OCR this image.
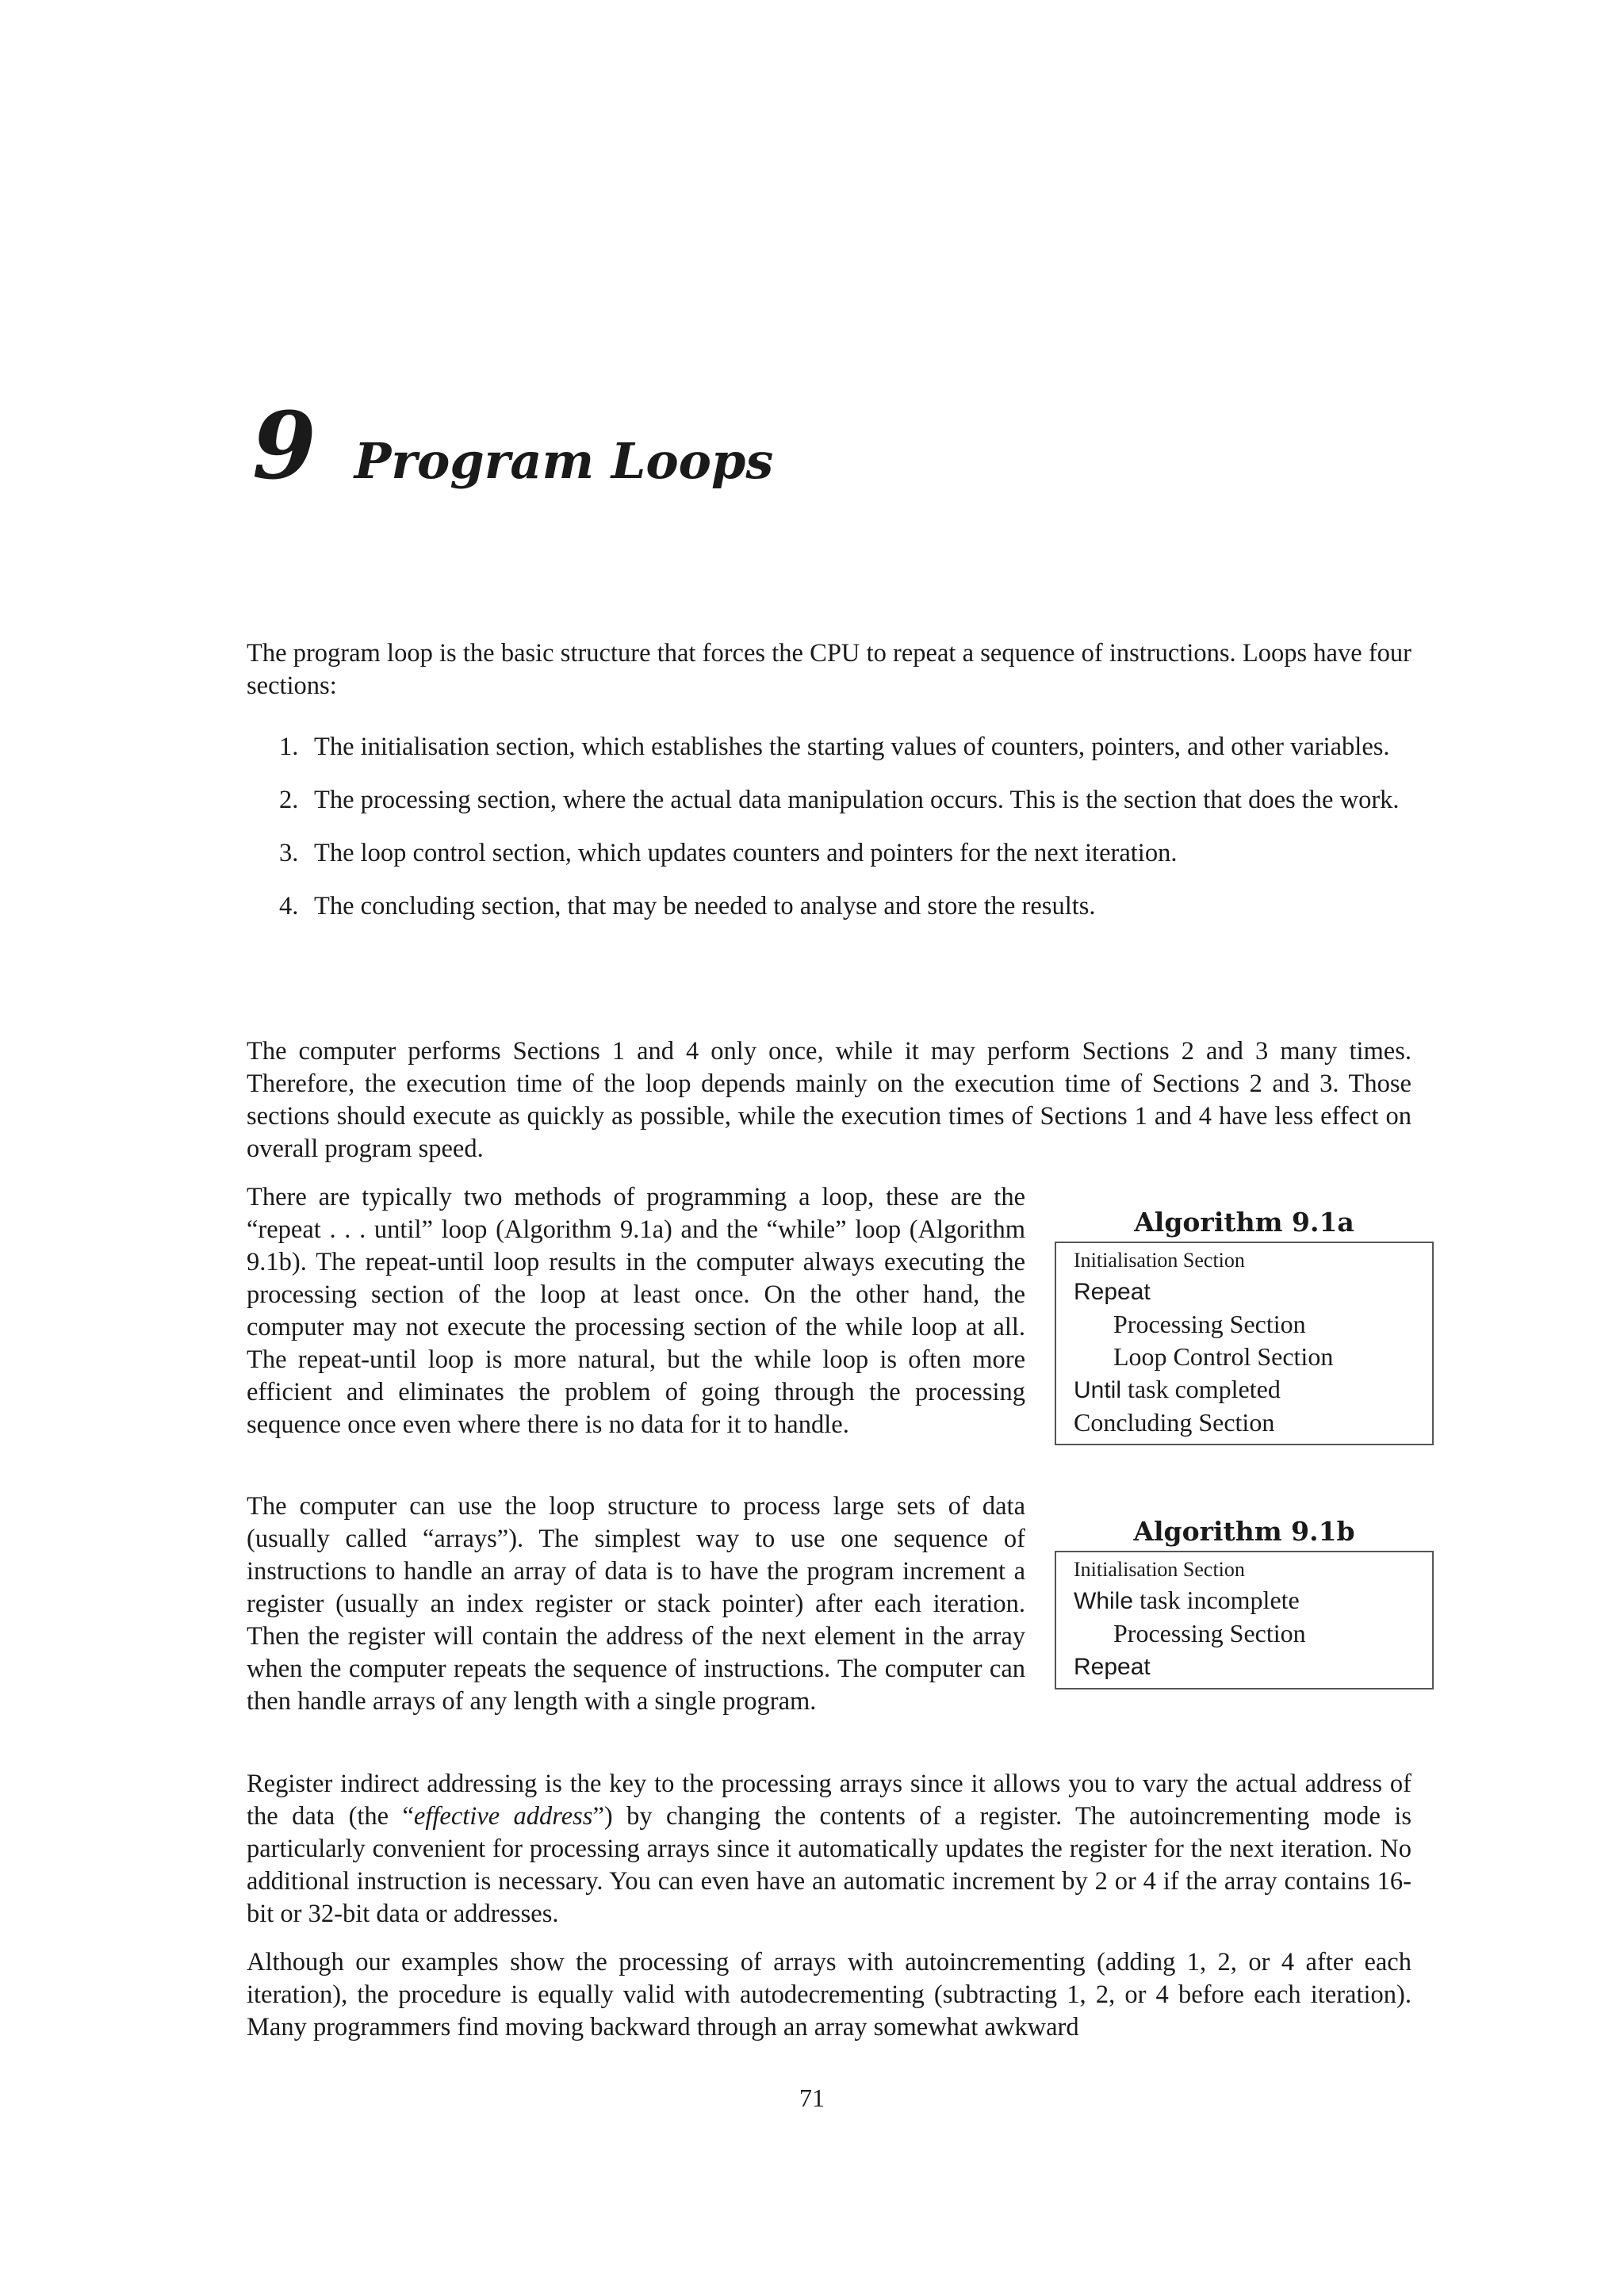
9 Program Loops

The program loop is the basic structure that forces the CPU to repeat a sequence of instructions. Loops have four sections:

1. The initialisation section, which establishes the starting values of counters, pointers, and other variables.
2. The processing section, where the actual data manipulation occurs. This is the section that does the work.
3. The loop control section, which updates counters and pointers for the next iteration.
4. The concluding section, that may be needed to analyse and store the results.

The computer performs Sections 1 and 4 only once, while it may perform Sections 2 and 3 many times. Therefore, the execution time of the loop depends mainly on the execution time of Sections 2 and 3. Those sections should execute as quickly as possible, while the execution times of Sections 1 and 4 have less effect on overall program speed.

There are typically two methods of programming a loop, these are the “repeat . . . until” loop (Algorithm 9.1a) and the “while” loop (Algorithm 9.1b). The repeat-until loop results in the computer always executing the processing section of the loop at least once. On the other hand, the computer may not execute the processing section of the while loop at all. The repeat-until loop is more natural, but the while loop is often more efficient and eliminates the problem of going through the processing sequence once even where there is no data for it to handle.

The computer can use the loop structure to process large sets of data (usually called “arrays”). The simplest way to use one sequence of instructions to handle an array of data is to have the program increment a register (usually an index register or stack pointer) after each iteration. Then the register will contain the address of the next element in the array when the computer repeats the sequence of instructions. The computer can then handle arrays of any length with a single program.

Register indirect addressing is the key to the processing arrays since it allows you to vary the actual address of the data (the “effective address”) by changing the contents of a register. The autoincrementing mode is particularly convenient for processing arrays since it automatically updates the register for the next iteration. No additional instruction is necessary. You can even have an automatic increment by 2 or 4 if the array contains 16-bit or 32-bit data or addresses.

Although our examples show the processing of arrays with autoincrementing (adding 1, 2, or 4 after each iteration), the procedure is equally valid with autodecrementing (subtracting 1, 2, or 4 before each iteration). Many programmers find moving backward through an array somewhat awkward

Algorithm 9.1a
Initialisation Section
Repeat
Processing Section
Loop Control Section
Until task completed
Concluding Section
Algorithm 9.1b
Initialisation Section
While task incomplete
Processing Section
Repeat
71
